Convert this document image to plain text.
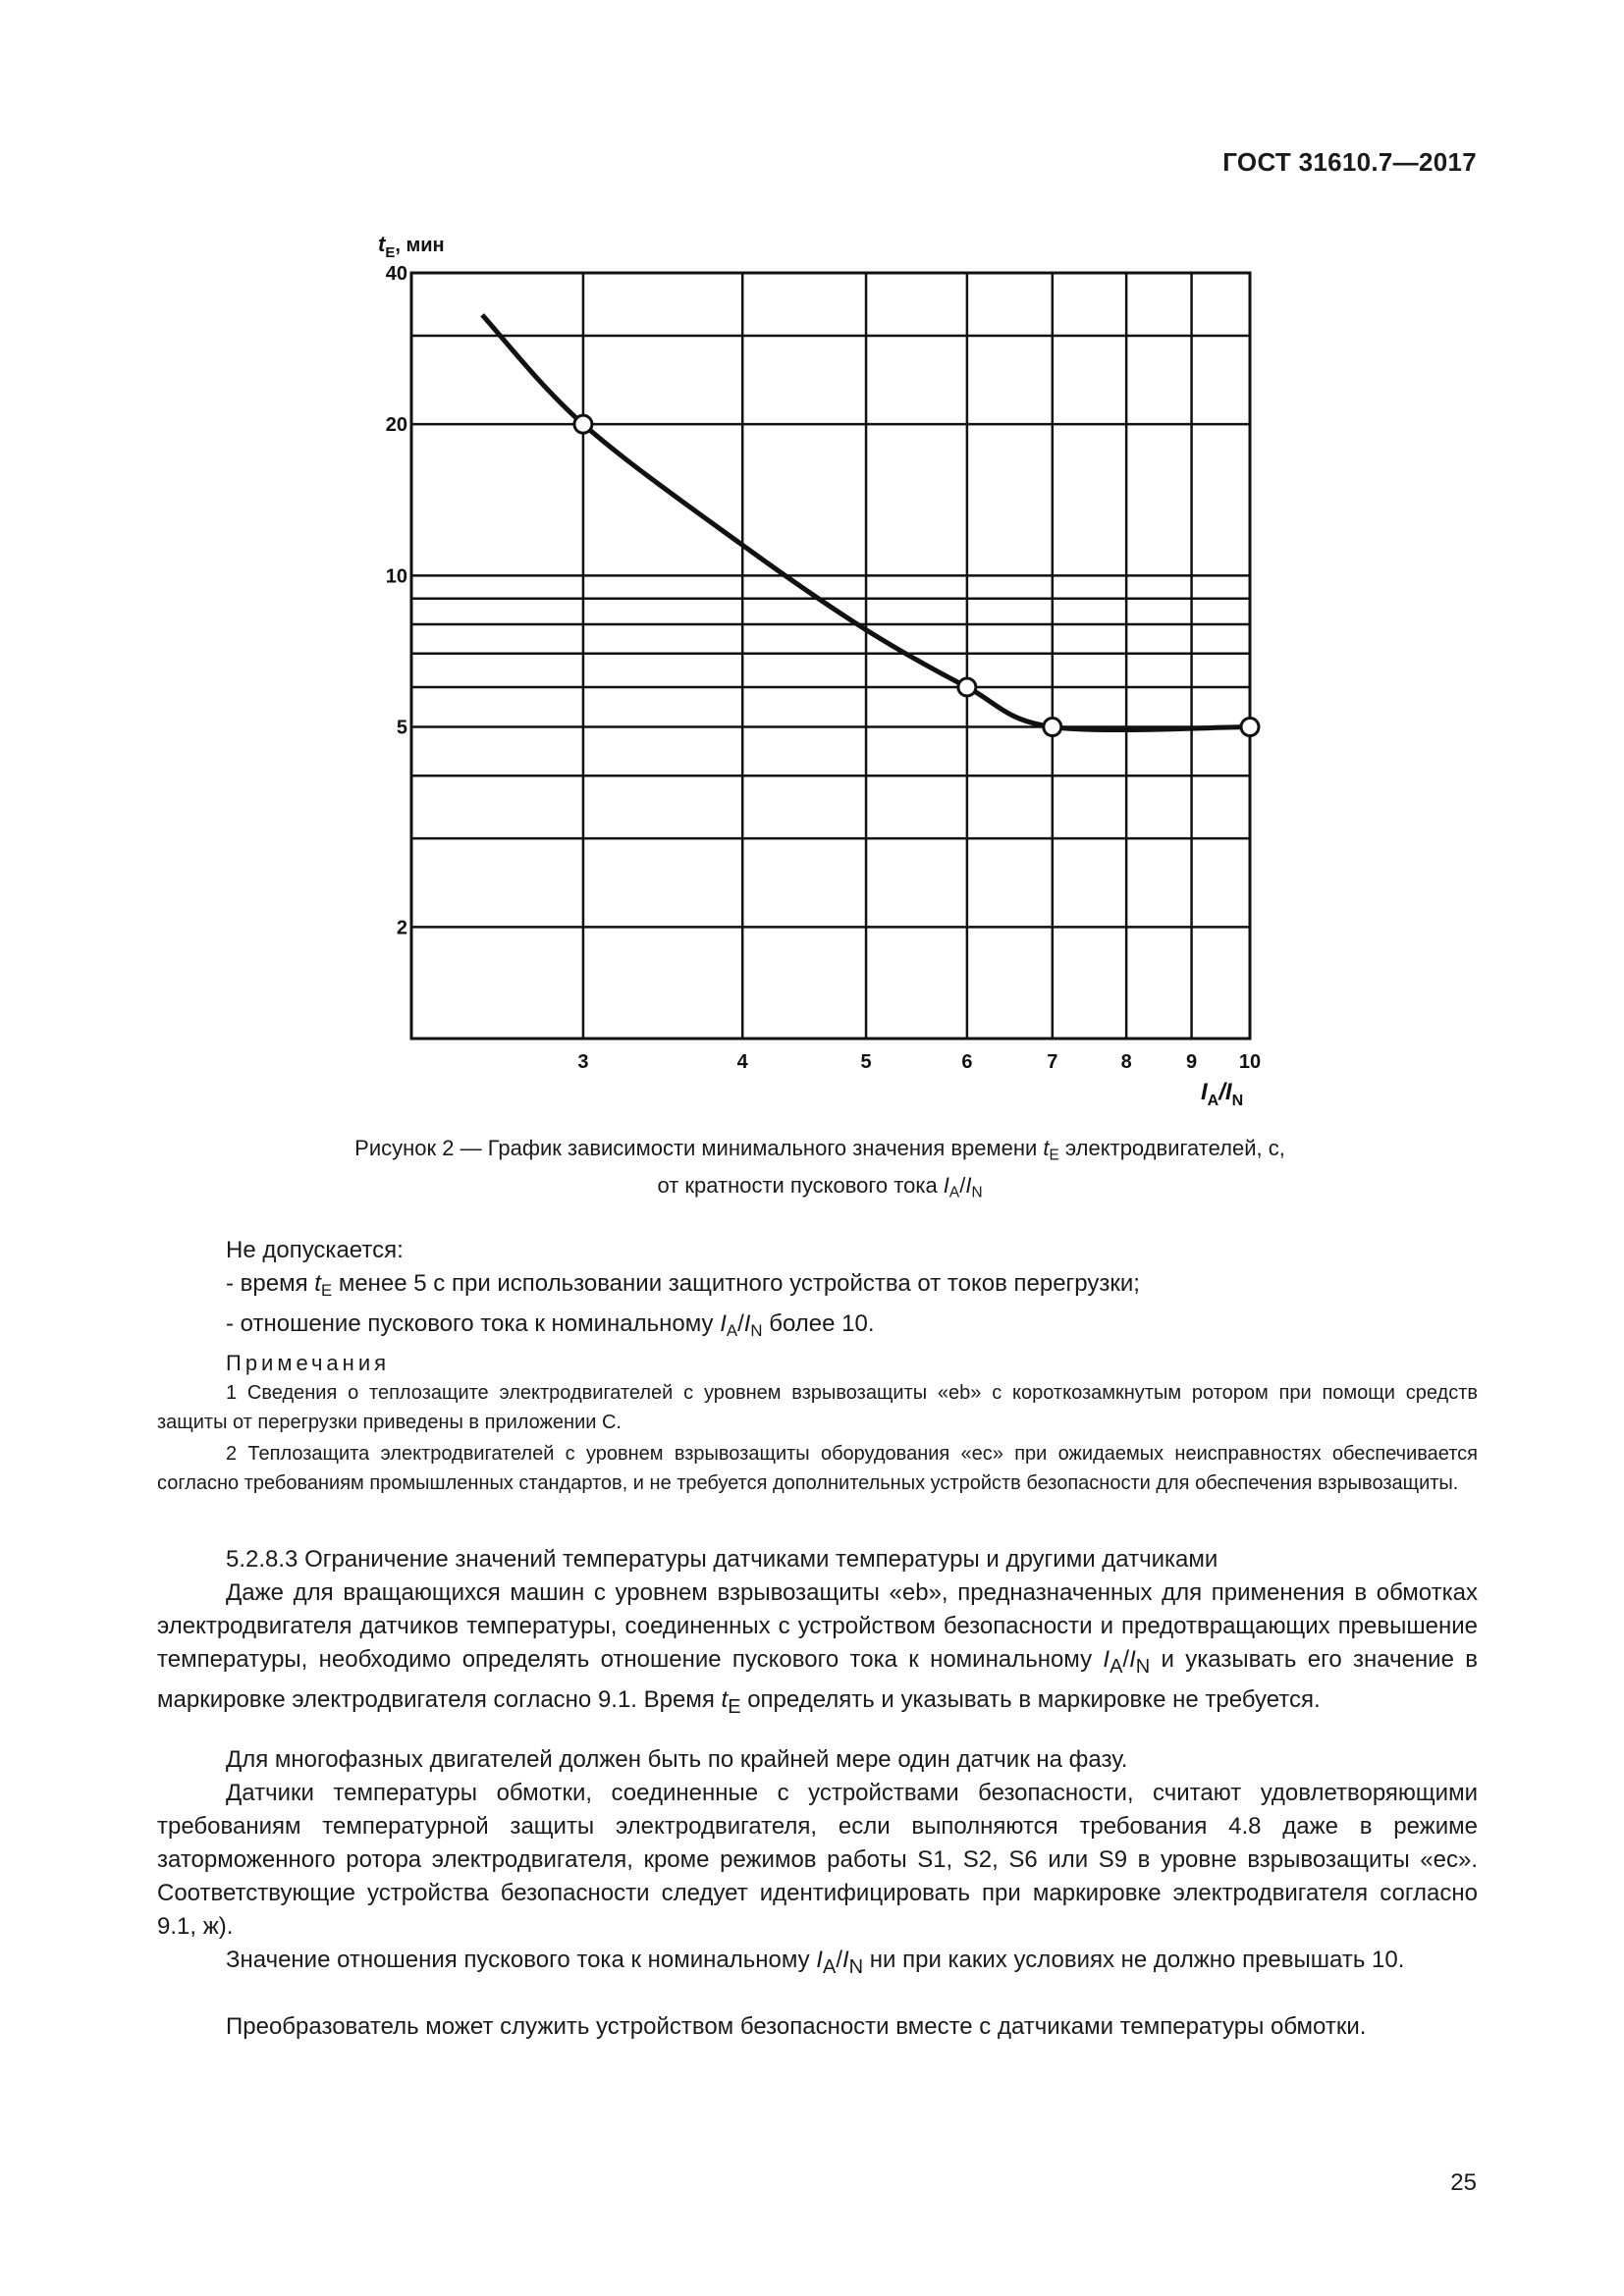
ГОСТ 31610.7—2017
3	4	5	6	7	8	9 10
40
20
10
5
2
$t_E$, мин
$I_A/I_N$
Рисунок 2 — График зависимости минимального значения времени $t_E$ электродвигателей, с,
от кратности пускового тока $I_A/I_N$
Не допускается:
- время $t_E$ менее 5 с при использовании защитного устройства от токов перегрузки;
- отношение пускового тока к номинальному $I_A/I_N$ более 10.
Примечания
1 Сведения о теплозащите электродвигателей с уровнем взрывозащиты «eb» с короткозамкнутым ротором при помощи средств защиты от перегрузки приведены в приложении С.
2 Теплозащита электродвигателей с уровнем взрывозащиты оборудования «ес» при ожидаемых неисправностях обеспечивается согласно требованиям промышленных стандартов, и не требуется дополнительных устройств безопасности для обеспечения взрывозащиты.
5.2.8.3 Ограничение значений температуры датчиками температуры и другими датчиками
Даже для вращающихся машин с уровнем взрывозащиты «eb», предназначенных для применения в обмотках электродвигателя датчиков температуры, соединенных с устройством безопасности и предотвращающих превышение температуры, необходимо определять отношение пускового тока к номинальному $I_A/I_N$ и указывать его значение в маркировке электродвигателя согласно 9.1. Время $t_E$ определять и указывать в маркировке не требуется.
Для многофазных двигателей должен быть по крайней мере один датчик на фазу.
Датчики температуры обмотки, соединенные с устройствами безопасности, считают удовлетворяющими требованиям температурной защиты электродвигателя, если выполняются требования 4.8 даже в режиме заторможенного ротора электродвигателя, кроме режимов работы S1, S2, S6 или S9 в уровне взрывозащиты «ес». Соответствующие устройства безопасности следует идентифицировать при маркировке электродвигателя согласно 9.1, ж).
Значение отношения пускового тока к номинальному $I_A/I_N$ ни при каких условиях не должно превышать 10.
Преобразователь может служить устройством безопасности вместе с датчиками температуры обмотки.
25
